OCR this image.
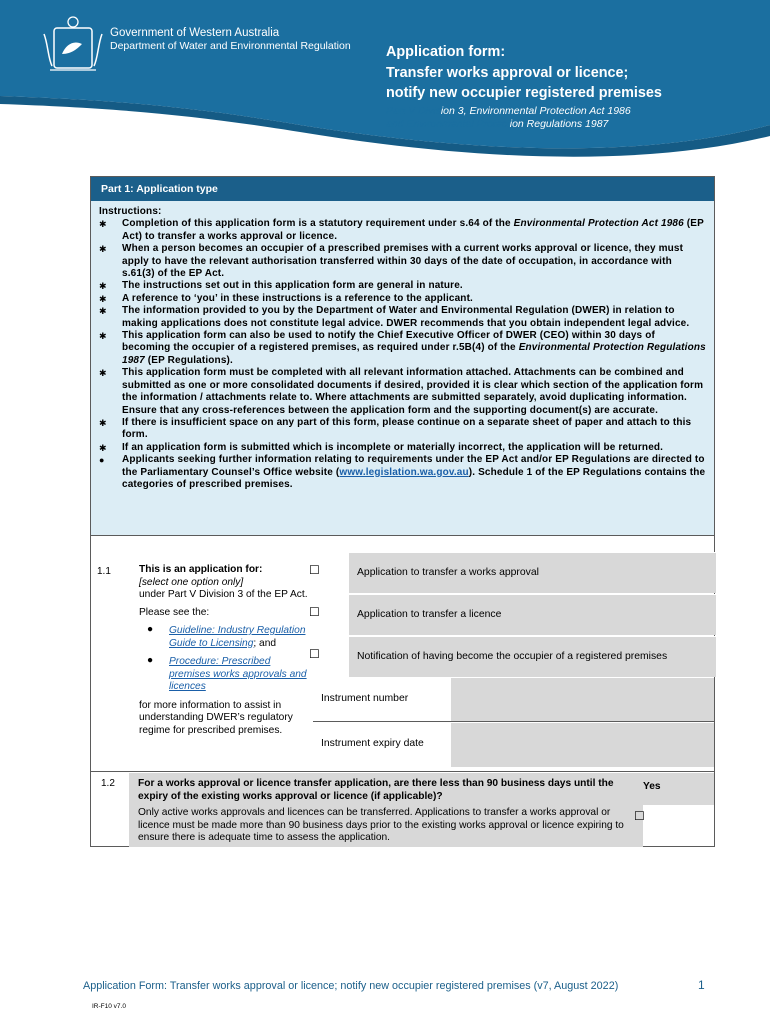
Government of Western Australia
Department of Water and Environmental Regulation
Part V Division 3, Environmental Protection Act 1986
and Environmental Protection Regulations 1987
Application form:
Transfer works approval or licence;
notify new occupier registered premises
Part 1: Application type
Instructions:
✱ Completion of this application form is a statutory requirement under s.64 of the Environmental Protection Act 1986 (EP Act) to transfer a works approval or licence.
✱ When a person becomes an occupier of a prescribed premises with a current works approval or licence, they must apply to have the relevant authorisation transferred within 30 days of the date of occupation, in accordance with s.61(3) of the EP Act.
✱ The instructions set out in this application form are general in nature.
✱ A reference to ‘you’ in these instructions is a reference to the applicant.
✱ The information provided to you by the Department of Water and Environmental Regulation (DWER) in relation to making applications does not constitute legal advice. DWER recommends that you obtain independent legal advice.
✱ This application form can also be used to notify the Chief Executive Officer of DWER (CEO) within 30 days of becoming the occupier of a registered premises, as required under r.5B(4) of the Environmental Protection Regulations 1987 (EP Regulations).
✱ This application form must be completed with all relevant information attached. Attachments can be combined and submitted as one or more consolidated documents if desired, provided it is clear which section of the application form the information / attachments relate to. Where attachments are submitted separately, avoid duplicating information. Ensure that any cross-references between the application form and the supporting document(s) are accurate.
✱ If there is insufficient space on any part of this form, please continue on a separate sheet of paper and attach to this form.
✱ If an application form is submitted which is incomplete or materially incorrect, the application will be returned.
● Applicants seeking further information relating to requirements under the EP Act and/or EP Regulations are directed to the Parliamentary Counsel’s Office website (www.legislation.wa.gov.au). Schedule 1 of the EP Regulations contains the categories of prescribed premises.
1.1	This is an application for:
[select one option only]
under Part V Division 3 of the EP Act.
Please see the:
● Guideline: Industry Regulation Guide to Licensing; and
● Procedure: Prescribed premises works approvals and licences
for more information to assist in understanding DWER’s regulatory regime for prescribed premises.
☐	Application to transfer a works approval
☐	Application to transfer a licence
☐	Notification of having become the occupier of a registered premises
Instrument number
Instrument expiry date
1.2 For a works approval or licence transfer application, are there less than 90 business days until the expiry of the existing works approval or licence (if applicable)?
Only active works approvals and licences can be transferred. Applications to transfer a works approval or licence must be made more than 90 business days prior to the existing works approval or licence expiring to ensure there is adequate time to assess the application.
Yes
☐
Application Form: Transfer works approval or licence; notify new occupier registered premises (v7, August 2022)	1
IR-F10 v7.0
